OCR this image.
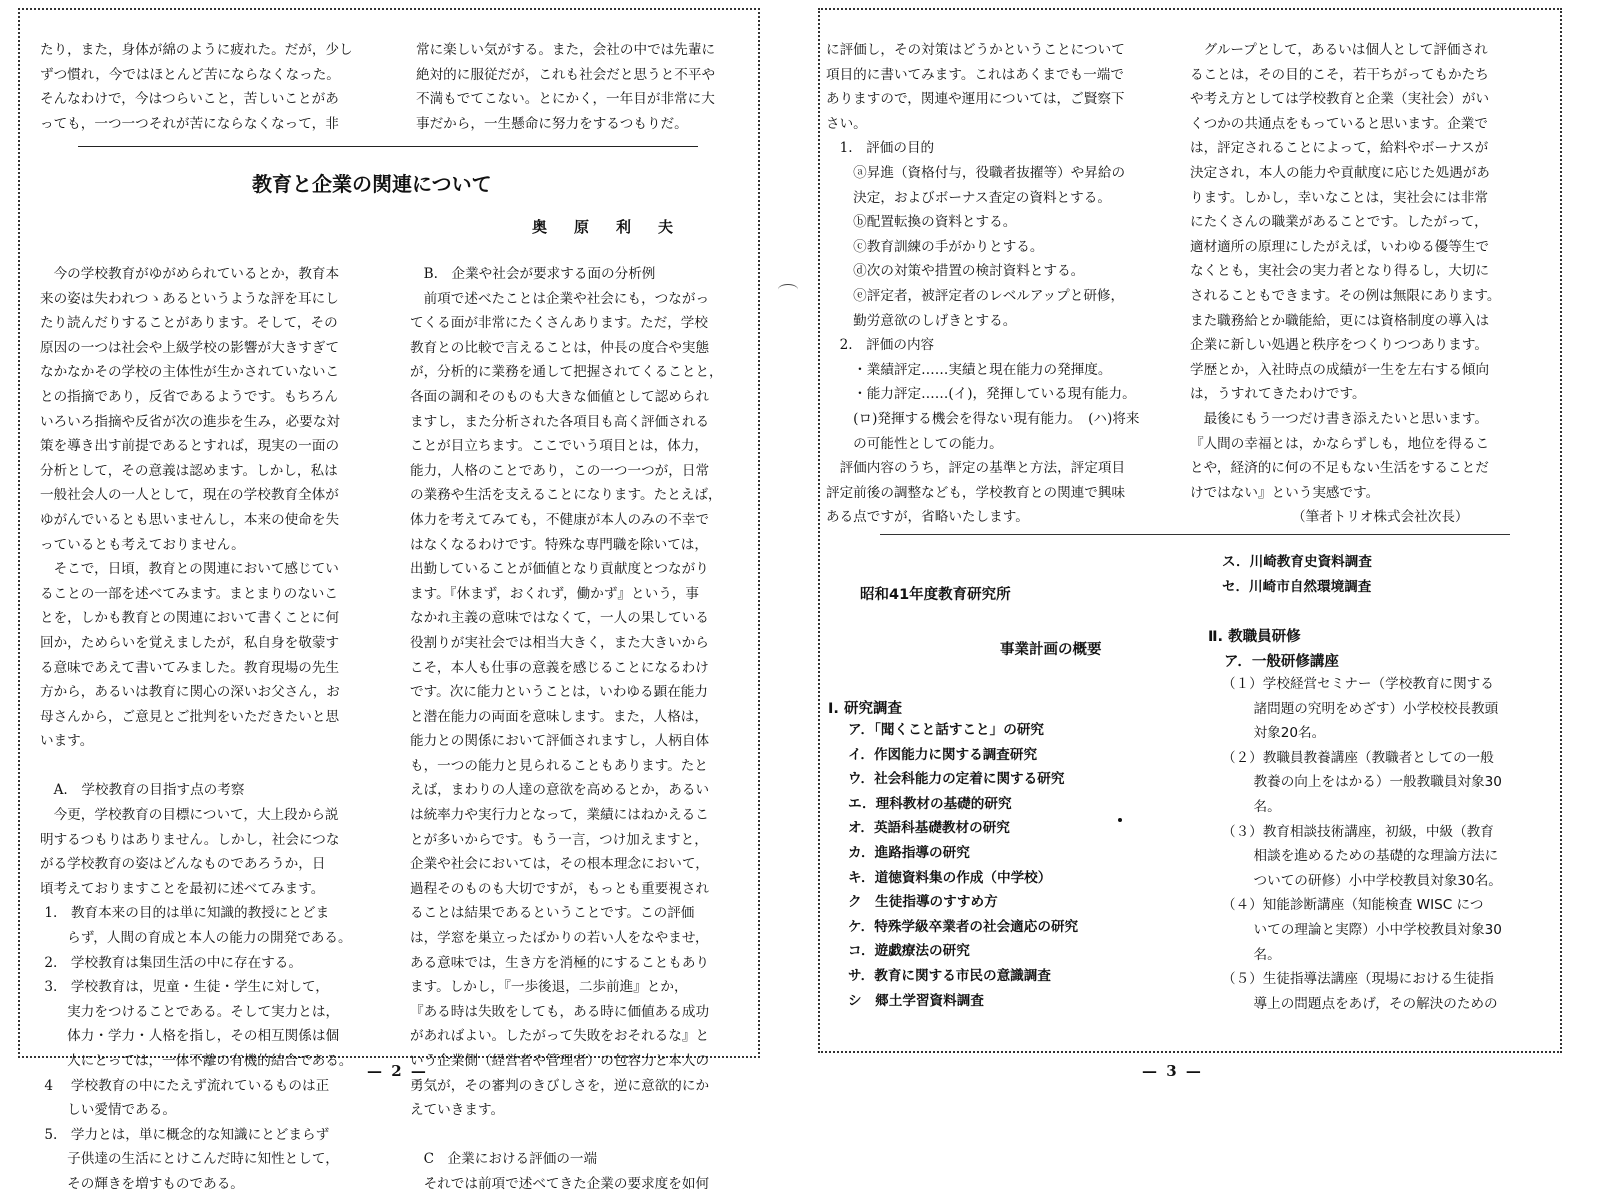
たり，また，身体が綿のように疲れた。だが，少し
ずつ慣れ，今ではほとんど苦にならなくなった。
そんなわけで，今はつらいこと，苦しいことがあ
っても，一つ一つそれが苦にならなくなって，非
常に楽しい気がする。また，会社の中では先輩に
絶対的に服従だが，これも社会だと思うと不平や
不満もでてこない。とにかく，一年目が非常に大
事だから，一生懸命に努力をするつもりだ。
教育と企業の関連について
奥原利夫
　今の学校教育がゆがめられているとか，教育本
来の姿は失われつゝあるというような評を耳にし
たり読んだりすることがあります。そして，その
原因の一つは社会や上級学校の影響が大きすぎて
なかなかその学校の主体性が生かされていないこ
との指摘であり，反省であるようです。もちろん
いろいろ指摘や反省が次の進歩を生み，必要な対
策を導き出す前提であるとすれば，現実の一面の
分析として，その意義は認めます。しかし，私は
一般社会人の一人として，現在の学校教育全体が
ゆがんでいるとも思いませんし，本来の使命を失
っているとも考えておりません。
　そこで，日頃，教育との関連において感じてい
ることの一部を述べてみます。まとまりのないこ
とを，しかも教育との関連において書くことに何
回か，ためらいを覚えましたが，私自身を敬蒙す
る意味であえて書いてみました。教育現場の先生
方から，あるいは教育に関心の深いお父さん，お
母さんから，ご意見とご批判をいただきたいと思
います。

　A.　学校教育の目指す点の考察
　今更，学校教育の目標について，大上段から説
明するつもりはありません。しかし，社会につな
がる学校教育の姿はどんなものであろうか，日
頃考えておりますことを最初に述べてみます。
1.　教育本来の目的は単に知識的教授にとどま
　　らず，人間の育成と本人の能力の開発である。
2.　学校教育は集団生活の中に存在する。
3.　学校教育は，児童・生徒・学生に対して，
　　実力をつけることである。そして実力とは，
　　体力・学力・人格を指し，その相互関係は個
　　人にとっては，一体不離の有機的結合である。
4　 学校教育の中にたえず流れているものは正
　　しい愛情である。
5.　学力とは，単に概念的な知識にとどまらず
　　子供達の生活にとけこんだ時に知性として，
　　その輝きを増すものである。
　B.　企業や社会が要求する面の分析例
　前項で述べたことは企業や社会にも，つながっ
てくる面が非常にたくさんあります。ただ，学校
教育との比較で言えることは，仲長の度合や実態
が，分析的に業務を通して把握されてくることと，
各面の調和そのものも大きな価値として認められ
ますし，また分析された各項目も高く評価される
ことが目立ちます。ここでいう項目とは，体力，
能力，人格のことであり，この一つ一つが，日常
の業務や生活を支えることになります。たとえば，
体力を考えてみても，不健康が本人のみの不幸で
はなくなるわけです。特殊な専門職を除いては，
出勤していることが価値となり貢献度とつながり
ます。『休まず，おくれず，働かず』という，事
なかれ主義の意味ではなくて，一人の果している
役割りが実社会では相当大きく，また大きいから
こそ，本人も仕事の意義を感じることになるわけ
です。次に能力ということは，いわゆる顕在能力
と潜在能力の両面を意味します。また，人格は，
能力との関係において評価されますし，人柄自体
も，一つの能力と見られることもあります。たと
えば，まわりの人達の意欲を高めるとか，あるい
は統率力や実行力となって，業績にはねかえるこ
とが多いからです。もう一言，つけ加えますと，
企業や社会においては，その根本理念において，
過程そのものも大切ですが，もっとも重要視され
ることは結果であるということです。この評価
は，学窓を巣立ったばかりの若い人をなやませ，
ある意味では，生き方を消極的にすることもあり
ます。しかし，『一歩後退，二歩前進』とか，
『ある時は失敗をしても，ある時に価値ある成功
があればよい。したがって失敗をおそれるな』と
いう企業側（経営者や管理者）の包容力と本人の
勇気が，その審判のきびしさを，逆に意欲的にか
えていきます。

　C　企業における評価の一端
　それでは前項で述べてきた企業の要求度を如何
— 2 —
に評価し，その対策はどうかということについて
項目的に書いてみます。これはあくまでも一端で
ありますので，関連や運用については，ご賢察下
さい。
　1.　評価の目的
　　ⓐ昇進（資格付与，役職者抜擢等）や昇給の
　　決定，およびボーナス査定の資料とする。
　　ⓑ配置転換の資料とする。
　　ⓒ教育訓練の手がかりとする。
　　ⓓ次の対策や措置の検討資料とする。
　　ⓔ評定者，被評定者のレベルアップと研修，
　　勤労意欲のしげきとする。
　2.　評価の内容
　　・業績評定……実績と現在能力の発揮度。
　　・能力評定……(イ)，発揮している現有能力。
　　(ロ)発揮する機会を得ない現有能力。　(ハ)将来
　　の可能性としての能力。
　評価内容のうち，評定の基準と方法，評定項目
評定前後の調整なども，学校教育との関連で興味
ある点ですが，省略いたします。
　グループとして，あるいは個人として評価され
ることは，その目的こそ，若干ちがってもかたち
や考え方としては学校教育と企業（実社会）がい
くつかの共通点をもっていると思います。企業で
は，評定されることによって，給料やボーナスが
決定され，本人の能力や貢献度に応じた処遇があ
ります。しかし，幸いなことは，実社会には非常
にたくさんの職業があることです。したがって，
適材適所の原理にしたがえば，いわゆる優等生で
なくとも，実社会の実力者となり得るし，大切に
されることもできます。その例は無限にあります。
また職務給とか職能給，更には資格制度の導入は
企業に新しい処遇と秩序をつくりつつあります。
学歴とか，入社時点の成績が一生を左右する傾向
は，うすれてきたわけです。
　最後にもう一つだけ書き添えたいと思います。
『人間の幸福とは，かならずしも，地位を得るこ
とや，経済的に何の不足もない生活をすることだ
けではない』という実感です。
　　　　　　　　（筆者トリオ株式会社次長）
昭和41年度教育研究所
事業計画の概要
Ⅰ. 研究調査
ア．「聞くこと話すこと」の研究
イ．作図能力に関する調査研究
ウ．社会科能力の定着に関する研究
エ．理科教材の基礎的研究
オ．英語科基礎教材の研究
カ．進路指導の研究
キ．道徳資料集の作成（中学校）
ク　生徒指導のすすめ方
ケ．特殊学級卒業者の社会適応の研究
コ．遊戯療法の研究
サ．教育に関する市民の意識調査
シ　郷土学習資料調査
ス．川崎教育史資料調査
セ．川崎市自然環境調査
Ⅱ. 教職員研修
ア．一般研修講座
（１）学校経営セミナー（学校教育に関する
　　 諸問題の究明をめざす）小学校校長教頭
　　 対象20名。
（２）教職員教養講座（教職者としての一般
　　 教養の向上をはかる）一般教職員対象30
　　 名。
（３）教育相談技術講座，初級，中級（教育
　　 相談を進めるための基礎的な理論方法に
　　 ついての研修）小中学校教員対象30名。
（４）知能診断講座（知能検査 WISC につ
　　 いての理論と実際）小中学校教員対象30
　　 名。
（５）生徒指導法講座（現場における生徒指
　　 導上の問題点をあげ，その解決のための
— 3 —
